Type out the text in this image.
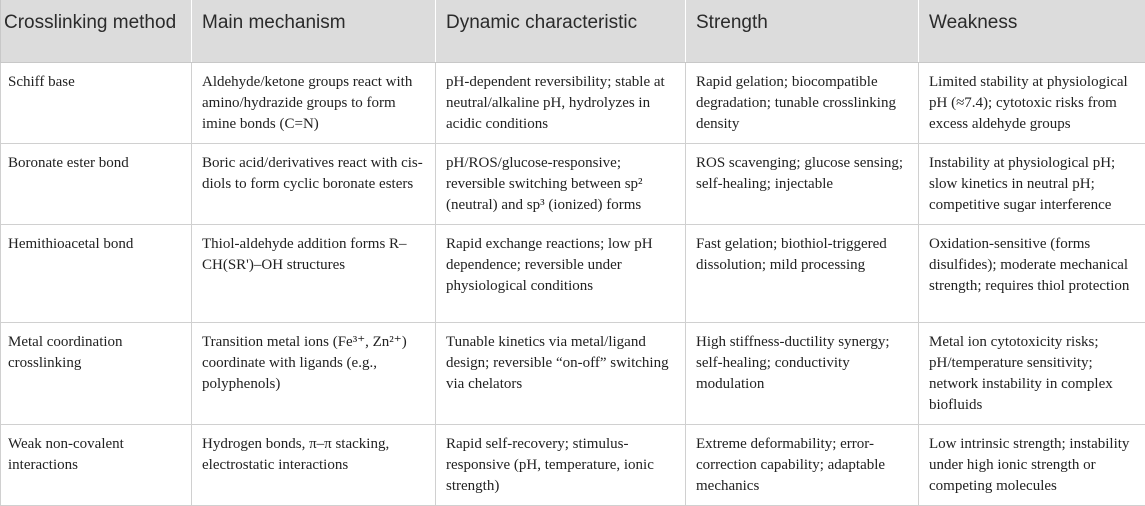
Crosslinking method	Main mechanism	Dynamic characteristic	Strength	Weakness
Schiff base	Aldehyde/ketone groups react with amino/hydrazide groups to form imine bonds (C=N)	pH-dependent reversibility; stable at neutral/alkaline pH, hydrolyzes in acidic conditions	Rapid gelation; biocompatible degradation; tunable crosslinking density	Limited stability at physiological pH (≈7.4); cytotoxic risks from excess aldehyde groups
Boronate ester bond	Boric acid/derivatives react with cis-diols to form cyclic boronate esters	pH/ROS/glucose-responsive; reversible switching between sp² (neutral) and sp³ (ionized) forms	ROS scavenging; glucose sensing; self-healing; injectable	Instability at physiological pH; slow kinetics in neutral pH; competitive sugar interference
Hemithioacetal bond	Thiol-aldehyde addition forms R–CH(SR')–OH structures	Rapid exchange reactions; low pH dependence; reversible under physiological conditions	Fast gelation; biothiol-triggered dissolution; mild processing	Oxidation-sensitive (forms disulfides); moderate mechanical strength; requires thiol protection
Metal coordination crosslinking	Transition metal ions (Fe³⁺, Zn²⁺) coordinate with ligands (e.g., polyphenols)	Tunable kinetics via metal/ligand design; reversible “on-off” switching via chelators	High stiffness-ductility synergy; self-healing; conductivity modulation	Metal ion cytotoxicity risks; pH/temperature sensitivity; network instability in complex biofluids
Weak non-covalent interactions	Hydrogen bonds, π–π stacking, electrostatic interactions	Rapid self-recovery; stimulus-responsive (pH, temperature, ionic strength)	Extreme deformability; error-correction capability; adaptable mechanics	Low intrinsic strength; instability under high ionic strength or competing molecules
